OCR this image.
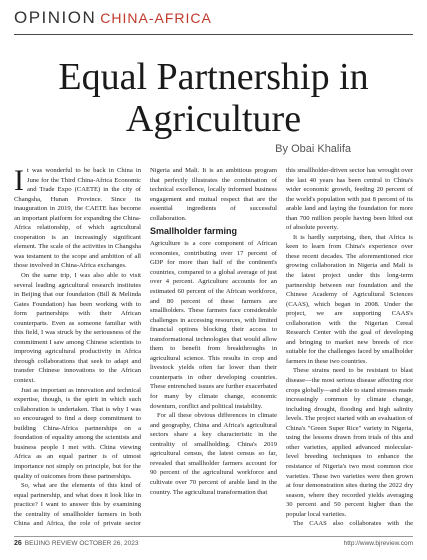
OPINION CHINA-AFRICA
Equal Partnership in
Agriculture
By Obai Khalifa

It was wonderful to be back in China in June for the Third China-Africa Economic and Trade Expo (CAETE) in the city of Changsha, Hunan Province. Since its inauguration in 2019, the CAETE has become an important platform for expanding the China-Africa relationship, of which agricultural cooperation is an increasingly significant element. The scale of the activities in Changsha was testament to the scope and ambition of all those involved in China-Africa exchanges.

On the same trip, I was also able to visit several leading agricultural research institutes in Beijing that our foundation (Bill & Melinda Gates Foundation) has been working with to form partnerships with their African counterparts. Even as someone familiar with this field, I was struck by the seriousness of the commitment I saw among Chinese scientists to improving agricultural productivity in Africa through collaborations that seek to adapt and transfer Chinese innovations to the African context.

Just as important as innovation and technical expertise, though, is the spirit in which such collaboration is undertaken. That is why I was so encouraged to find a deep commitment to building China-Africa partnerships on a foundation of equality among the scientists and business people I met with. China viewing Africa as an equal partner is of utmost importance not simply on principle, but for the quality of outcomes from these partnerships.

So, what are the elements of this kind of equal partnership, and what does it look like in practice? I want to answer this by examining the centrality of smallholder farmers in both China and Africa, the role of private sector

Nigeria and Mali. It is an ambitious program that perfectly illustrates the combination of technical excellence, locally informed business engagement and mutual respect that are the essential ingredients of successful collaboration.

Smallholder farming

Agriculture is a core component of African economies, contributing over 17 percent of GDP for more than half of the continent's countries, compared to a global average of just over 4 percent. Agriculture accounts for an estimated 60 percent of the African workforce, and 80 percent of these farmers are smallholders. These farmers face considerable challenges in accessing resources, with limited financial options blocking their access to transformational technologies that would allow them to benefit from breakthroughs in agricultural science. This results in crop and livestock yields often far lower than their counterparts in other developing countries. These entrenched issues are further exacerbated for many by climate change, economic downturn, conflict and political instability.

For all these obvious differences in climate and geography, China and Africa's agricultural sectors share a key characteristic in the centrality of smallholding. China's 2019 agricultural census, the latest census so far, revealed that smallholder farmers account for 90 percent of the agricultural workforce and cultivate over 70 percent of arable land in the country. The agricultural transformation that

this smallholder-driven sector has wrought over the last 40 years has been central to China's wider economic growth, feeding 20 percent of the world's population with just 8 percent of its arable land and laying the foundation for more than 700 million people having been lifted out of absolute poverty.

It is hardly surprising, then, that Africa is keen to learn from China's experience over these recent decades. The aforementioned rice growing collaboration in Nigeria and Mali is the latest project under this long-term partnership between our foundation and the Chinese Academy of Agricultural Sciences (CAAS), which began in 2008. Under the project, we are supporting CAAS's collaboration with the Nigerian Cereal Research Center with the goal of developing and bringing to market new breeds of rice suitable for the challenges faced by smallholder farmers in these two countries.

These strains need to be resistant to blast disease—the most serious disease affecting rice crops globally—and able to stand stresses made increasingly common by climate change, including drought, flooding and high salinity levels. The project started with an evaluation of China's "Green Super Rice" variety in Nigeria, using the lessons drawn from trials of this and other varieties, applied advanced molecular-level breeding techniques to enhance the resistance of Nigeria's two most common rice varieties. These two varieties were then grown at four demonstration sites during the 2022 dry season, where they recorded yields averaging 30 percent and 50 percent higher than the popular local varieties.

The CAAS also collaborates with the

26 BEIJING REVIEW OCTOBER 26, 2023	http://www.bjreview.com
